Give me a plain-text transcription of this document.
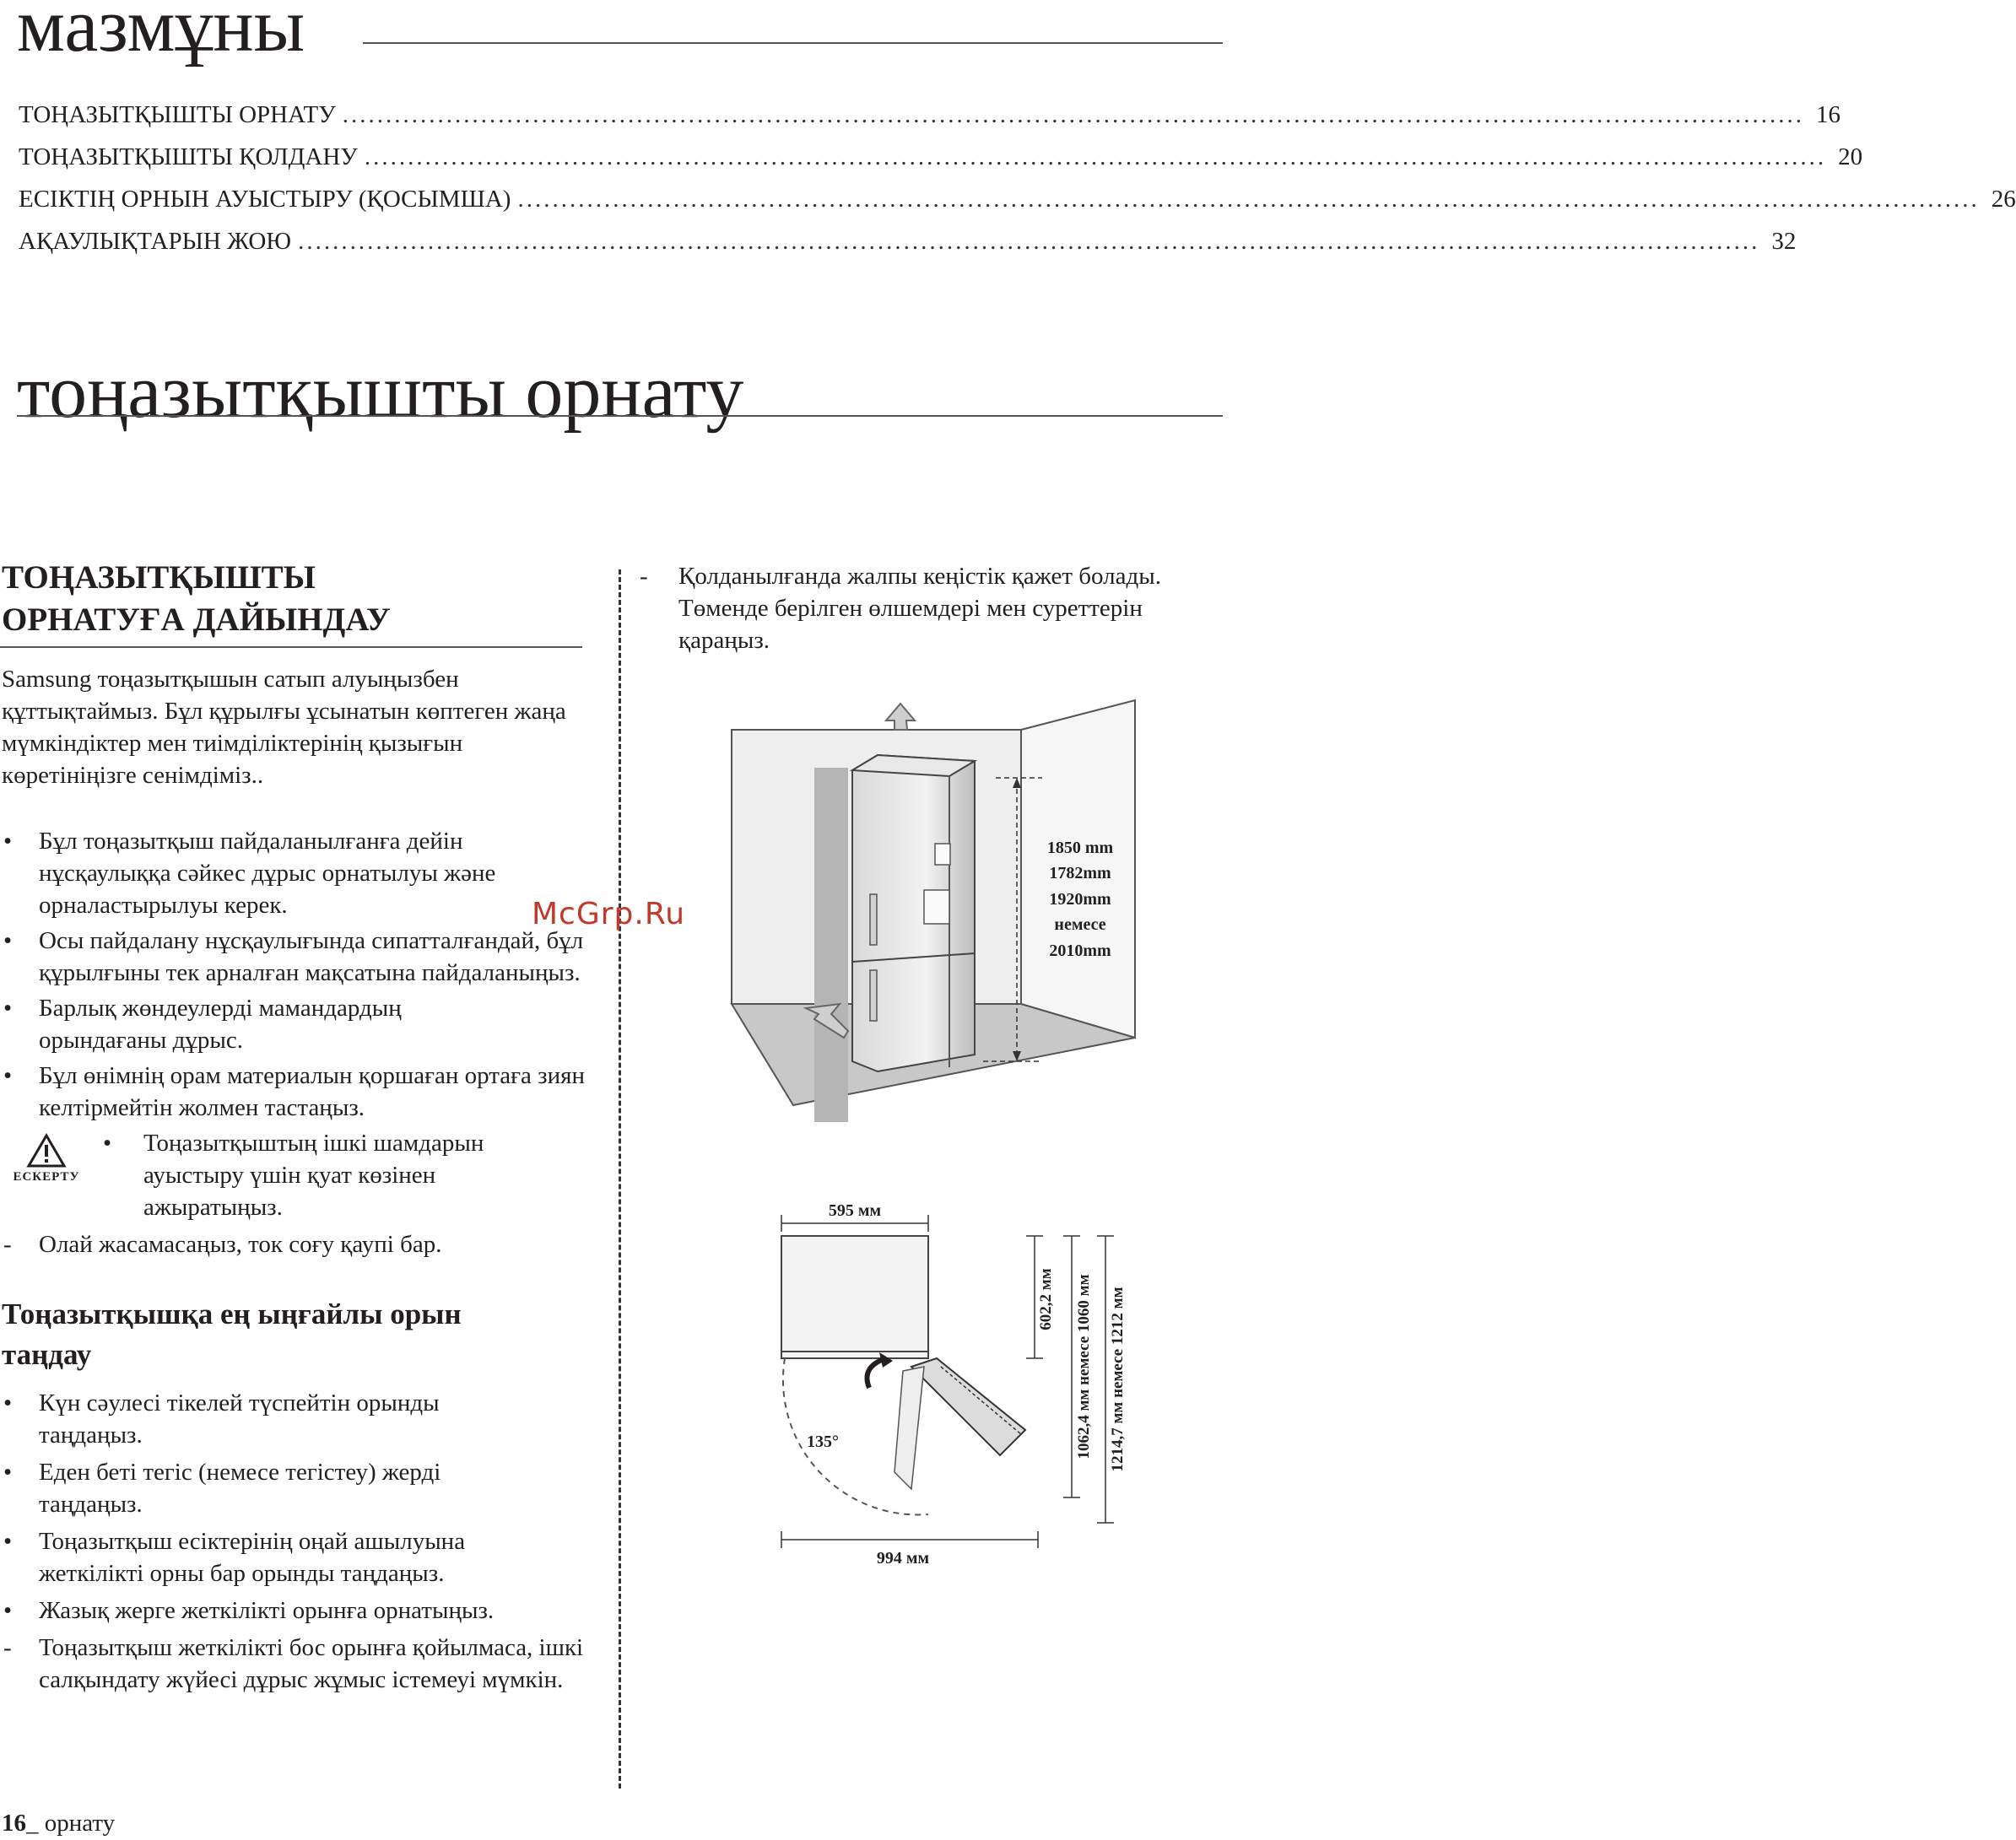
мазмұны
ТОҢАЗЫТҚЫШТЫ ОРНАТУ ......................................................................................................................................................................... 16
ТОҢАЗЫТҚЫШТЫ ҚОЛДАНУ ......................................................................................................................................................................... 20
ЕСІКТІҢ ОРНЫН АУЫСТЫРУ (ҚОСЫМША) ......................................................................................................................................................................... 26
АҚАУЛЫҚТАРЫН ЖОЮ ......................................................................................................................................................................... 32
тоңазытқышты орнату
ТОҢАЗЫТҚЫШТЫ
ОРНАТУҒА ДАЙЫНДАУ
Samsung тоңазытқышын сатып алуыңызбен құттықтаймыз. Бұл құрылғы ұсынатын көптеген жаңа мүмкіндіктер мен тиімділіктерінің қызығын көретініңізге сенімдіміз..
• Бұл тоңазытқыш пайдаланылғанға дейін нұсқаулыққа сәйкес дұрыс орнатылуы және орналастырылуы керек.
• Осы пайдалану нұсқаулығында сипатталғандай, бұл құрылғыны тек арналған мақсатына пайдаланыңыз.
• Барлық жөндеулерді мамандардың орындағаны дұрыс.
• Бұл өнімнің орам материалын қоршаған ортаға зиян келтірмейтін жолмен тастаңыз.
ЕСКЕРТУ
• Тоңазытқыштың ішкі шамдарын ауыстыру үшін қуат көзінен ажыратыңыз.
- Олай жасамасаңыз, ток соғу қаупі бар.
Тоңазытқышқа ең ыңғайлы орын таңдау
• Күн сәулесі тікелей түспейтін орынды таңдаңыз.
• Еден беті тегіс (немесе тегістеу) жерді таңдаңыз.
• Тоңазытқыш есіктерінің оңай ашылуына жеткілікті орны бар орынды таңдаңыз.
• Жазық жерге жеткілікті орынға орнатыңыз.
- Тоңазытқыш жеткілікті бос орынға қойылмаса, ішкі салқындату жүйесі дұрыс жұмыс істемеуі мүмкін.
-	Қолданылғанда жалпы кеңістік қажет болады. Төменде берілген өлшемдері мен суреттерін қараңыз.
1850 mm
1782mm
1920mm
немесе
2010mm
595 мм
135°
994 мм
602,2 мм 1062,4 мм немесе 1060 мм 1214,7 мм немесе 1212 мм
McGrp.Ru
16_ орнату
